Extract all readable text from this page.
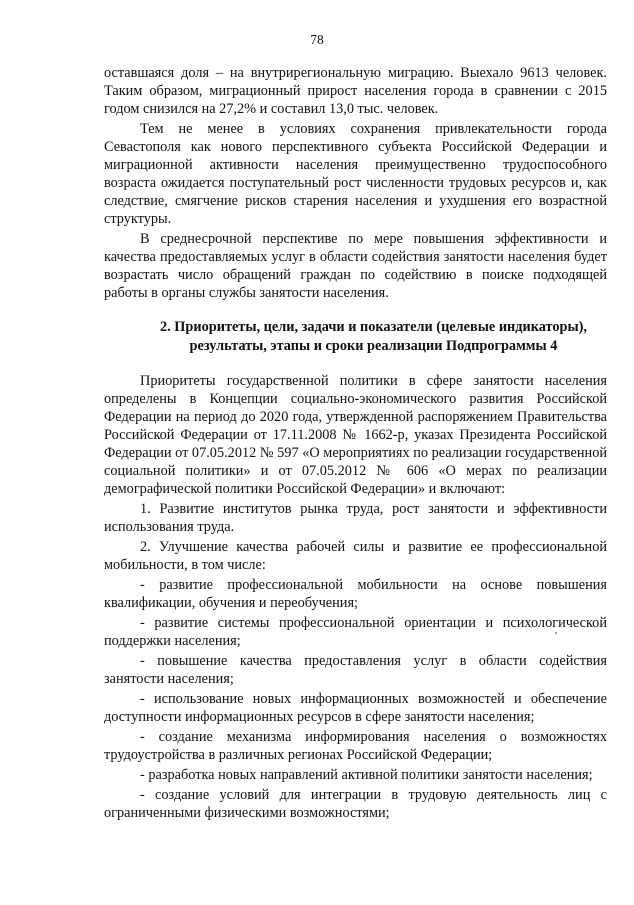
78

оставшаяся доля – на внутрирегиональную миграцию. Выехало 9613 человек. Таким образом, миграционный прирост населения города в сравнении с 2015 годом снизился на 27,2% и составил 13,0 тыс. человек.

Тем не менее в условиях сохранения привлекательности города Севастополя как нового перспективного субъекта Российской Федерации и миграционной активности населения преимущественно трудоспособного возраста ожидается поступательный рост численности трудовых ресурсов и, как следствие, смягчение рисков старения населения и ухудшения его возрастной структуры.

В среднесрочной перспективе по мере повышения эффективности и качества предоставляемых услуг в области содействия занятости населения будет возрастать число обращений граждан по содействию в поиске подходящей работы в органы службы занятости населения.

2. Приоритеты, цели, задачи и показатели (целевые индикаторы), результаты, этапы и сроки реализации Подпрограммы 4

Приоритеты государственной политики в сфере занятости населения определены в Концепции социально-экономического развития Российской Федерации на период до 2020 года, утвержденной распоряжением Правительства Российской Федерации от 17.11.2008 № 1662-р, указах Президента Российской Федерации от 07.05.2012 № 597 «О мероприятиях по реализации государственной социальной политики» и от 07.05.2012 № 606 «О мерах по реализации демографической политики Российской Федерации» и включают:

1. Развитие институтов рынка труда, рост занятости и эффективности использования труда.

2. Улучшение качества рабочей силы и развитие ее профессиональной мобильности, в том числе:

- развитие профессиональной мобильности на основе повышения квалификации, обучения и переобучения;

- развитие системы профессиональной ориентации и психологической поддержки населения;

- повышение качества предоставления услуг в области содействия занятости населения;

- использование новых информационных возможностей и обеспечение доступности информационных ресурсов в сфере занятости населения;

- создание механизма информирования населения о возможностях трудоустройства в различных регионах Российской Федерации;

- разработка новых направлений активной политики занятости населения;

- создание условий для интеграции в трудовую деятельность лиц с ограниченными физическими возможностями;
